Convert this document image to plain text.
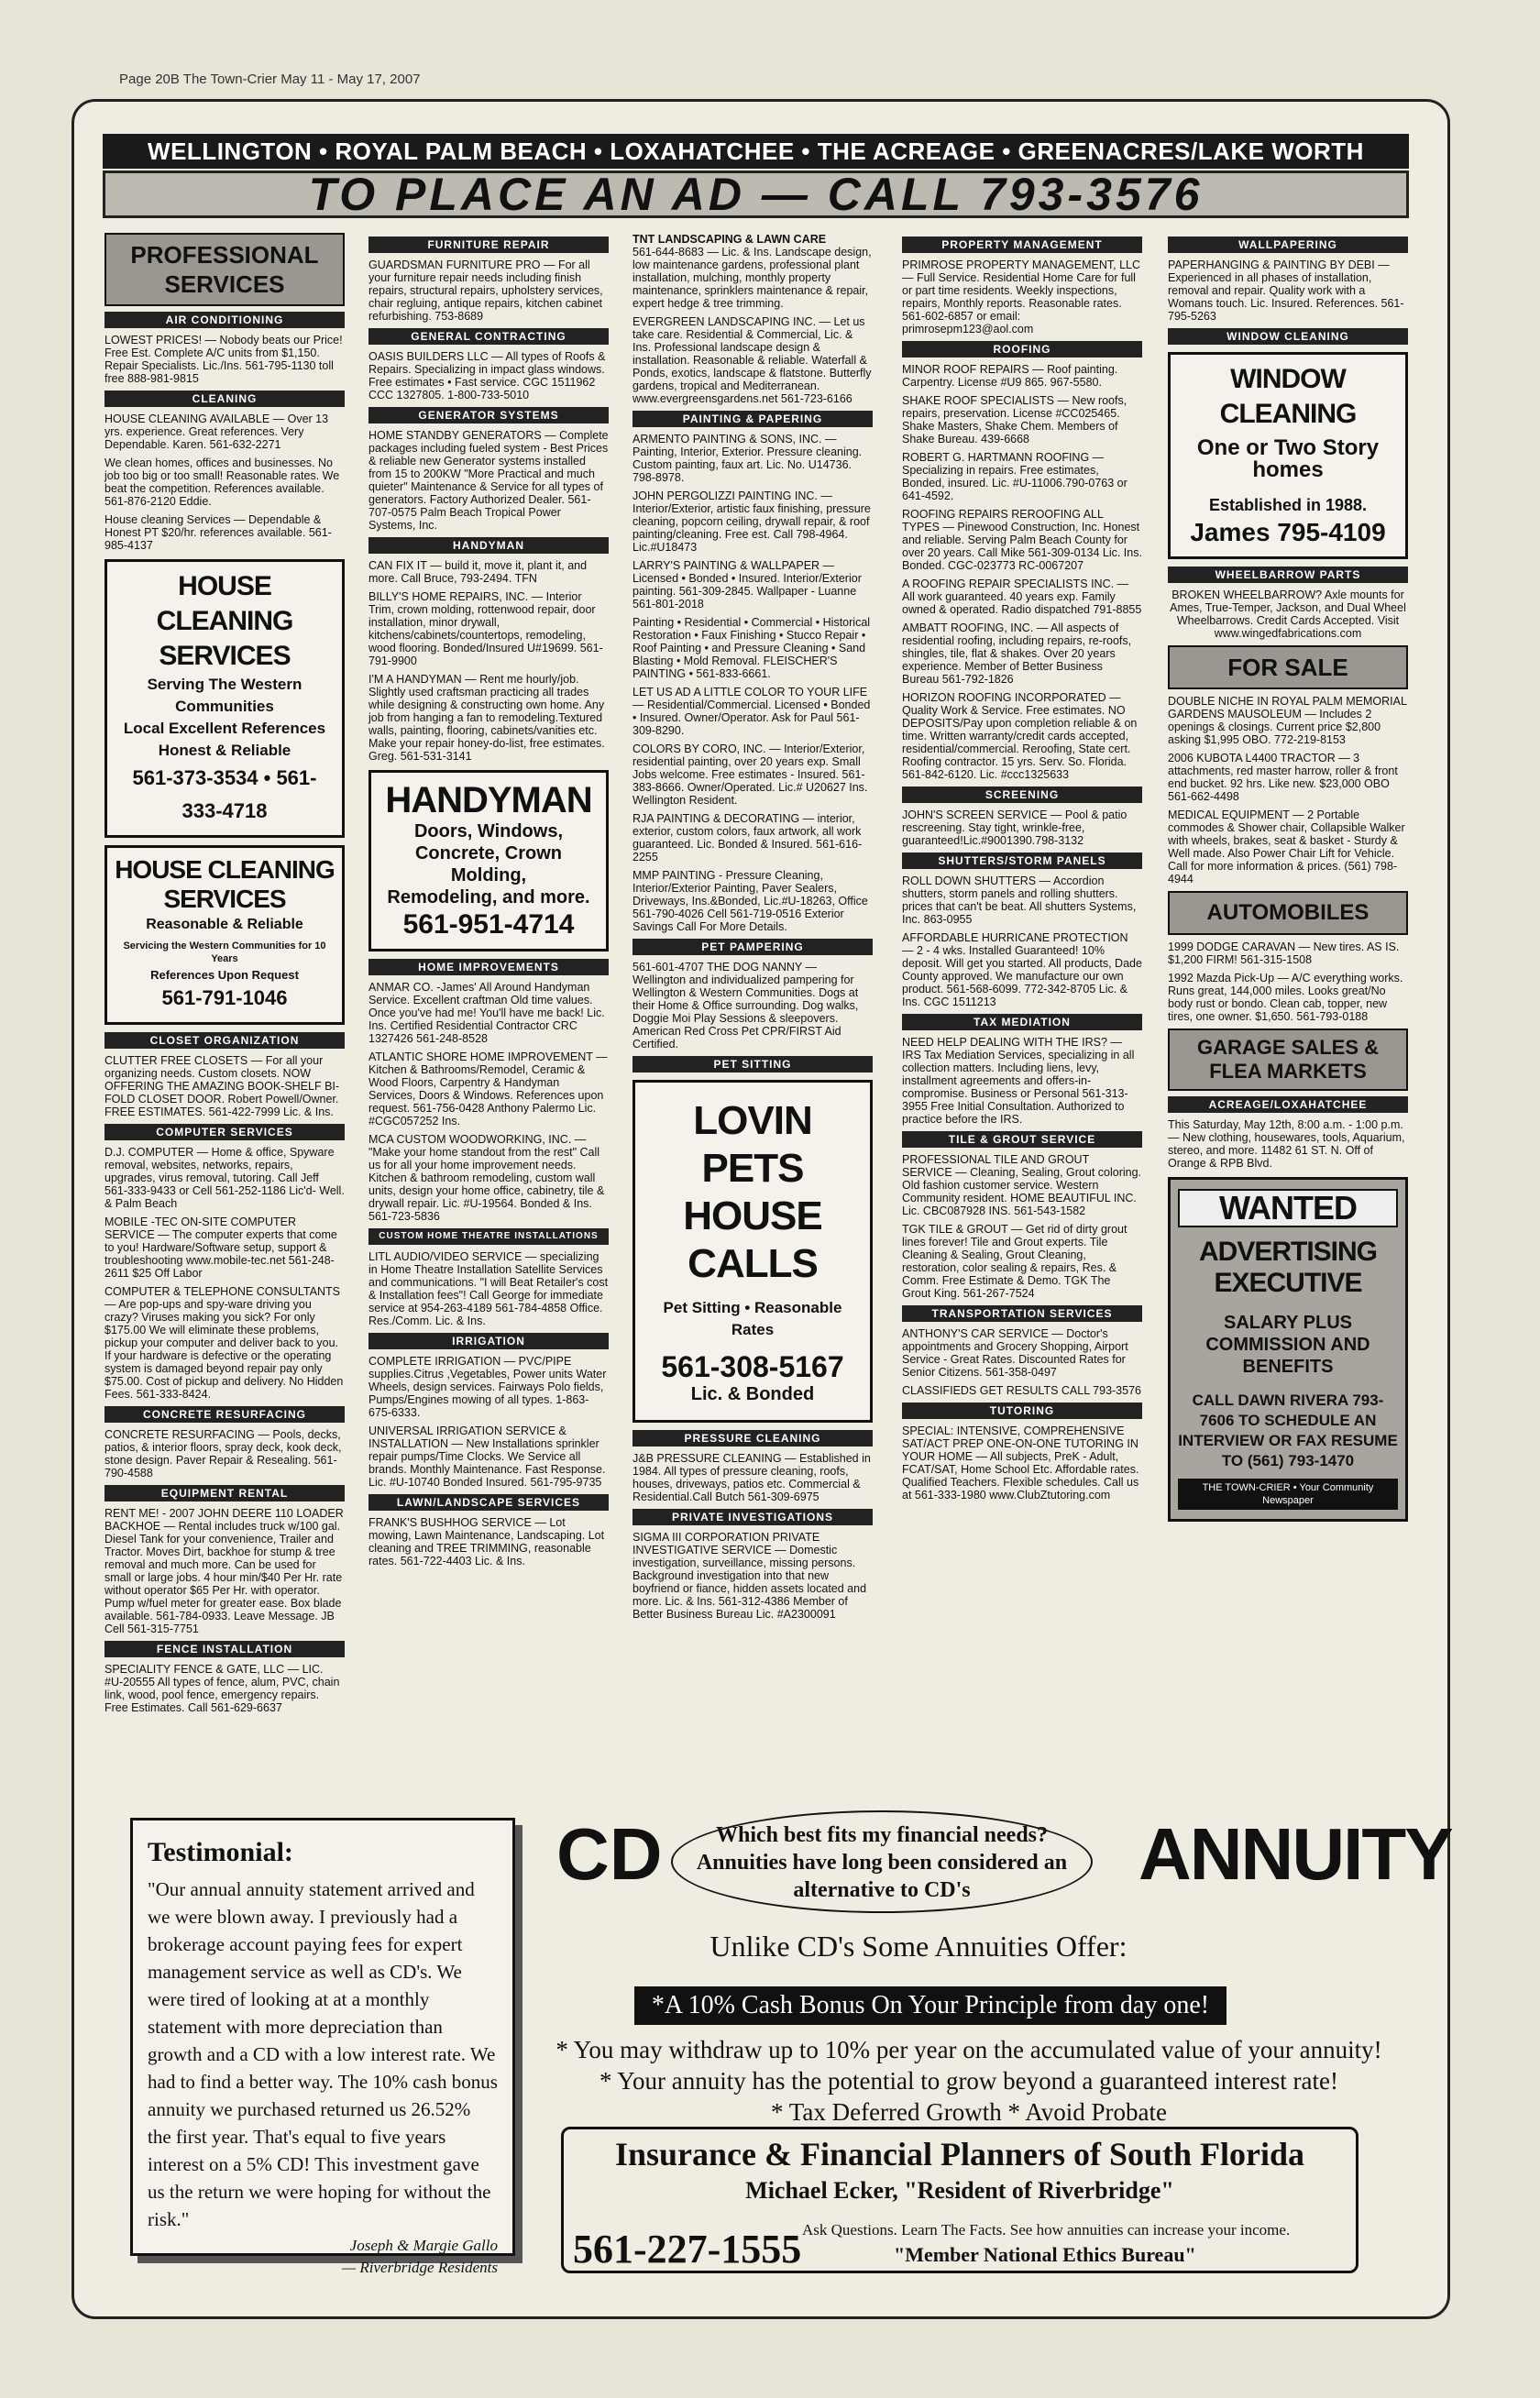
Page 20B The Town-Crier May 11 - May 17, 2007
WELLINGTON • ROYAL PALM BEACH • LOXAHATCHEE • THE ACREAGE • GREENACRES/LAKE WORTH
TO PLACE AN AD — CALL 793-3576
PROFESSIONAL SERVICES
AIR CONDITIONING

LOWEST PRICES! — Nobody beats our Price! Free Est. Complete A/C units from $1,150. Repair Specialists. Lic./Ins. 561-795-1130 toll free 888-981-9815

CLEANING

HOUSE CLEANING AVAILABLE — Over 13 yrs. experience. Great references. Very Dependable. Karen. 561-632-2271

We clean homes, offices and businesses. No job too big or too small! Reasonable rates. We beat the competition. References available. 561-876-2120 Eddie.

House cleaning Services — Dependable & Honest PT $20/hr. references available. 561-985-4137

HOUSE CLEANING SERVICES
Serving The Western Communities
Local Excellent References
Honest & Reliable
561-373-3534 • 561-333-4718
HOUSE CLEANING SERVICES
Reasonable & Reliable
Servicing the Western Communities for 10 Years
References Upon Request
561-791-1046
CLOSET ORGANIZATION

CLUTTER FREE CLOSETS — For all your organizing needs. Custom closets. NOW OFFERING THE AMAZING BOOK-SHELF BI-FOLD CLOSET DOOR. Robert Powell/Owner. FREE ESTIMATES. 561-422-7999 Lic. & Ins.

COMPUTER SERVICES

D.J. COMPUTER — Home & office, Spyware removal, websites, networks, repairs, upgrades, virus removal, tutoring. Call Jeff 561-333-9433 or Cell 561-252-1186 Lic'd- Well. & Palm Beach

MOBILE -TEC ON-SITE COMPUTER SERVICE — The computer experts that come to you! Hardware/Software setup, support & troubleshooting www.mobile-tec.net 561-248-2611 $25 Off Labor

COMPUTER & TELEPHONE CONSULTANTS — Are pop-ups and spy-ware driving you crazy? Viruses making you sick? For only $175.00 We will eliminate these problems, pickup your computer and deliver back to you. If your hardware is defective or the operating system is damaged beyond repair pay only $75.00. Cost of pickup and delivery. No Hidden Fees. 561-333-8424.

CONCRETE RESURFACING

CONCRETE RESURFACING — Pools, decks, patios, & interior floors, spray deck, kook deck, stone design. Paver Repair & Resealing. 561-790-4588

EQUIPMENT RENTAL

RENT ME! - 2007 JOHN DEERE 110 LOADER BACKHOE — Rental includes truck w/100 gal. Diesel Tank for your convenience, Trailer and Tractor. Moves Dirt, backhoe for stump & tree removal and much more. Can be used for small or large jobs. 4 hour min/$40 Per Hr. rate without operator $65 Per Hr. with operator. Pump w/fuel meter for greater ease. Box blade available. 561-784-0933. Leave Message. JB Cell 561-315-7751

FENCE INSTALLATION

SPECIALITY FENCE & GATE, LLC — LIC. #U-20555 All types of fence, alum, PVC, chain link, wood, pool fence, emergency repairs. Free Estimates. Call 561-629-6637

FURNITURE REPAIR

GUARDSMAN FURNITURE PRO — For all your furniture repair needs including finish repairs, structural repairs, upholstery services, chair regluing, antique repairs, kitchen cabinet refurbishing. 753-8689

GENERAL CONTRACTING

OASIS BUILDERS LLC — All types of Roofs & Repairs. Specializing in impact glass windows. Free estimates • Fast service. CGC 1511962 CCC 1327805. 1-800-733-5010

GENERATOR SYSTEMS

HOME STANDBY GENERATORS — Complete packages including fueled system - Best Prices & reliable new Generator systems installed from 15 to 200KW "More Practical and much quieter" Maintenance & Service for all types of generators. Factory Authorized Dealer. 561-707-0575 Palm Beach Tropical Power Systems, Inc.

HANDYMAN

CAN FIX IT — build it, move it, plant it, and more. Call Bruce, 793-2494. TFN

BILLY'S HOME REPAIRS, INC. — Interior Trim, crown molding, rottenwood repair, door installation, minor drywall, kitchens/cabinets/countertops, remodeling, wood flooring. Bonded/Insured U#19699. 561-791-9900

I'M A HANDYMAN — Rent me hourly/job. Slightly used craftsman practicing all trades while designing & constructing own home. Any job from hanging a fan to remodeling.Textured walls, painting, flooring, cabinets/vanities etc. Make your repair honey-do-list, free estimates. Greg. 561-531-3141

HANDYMAN
Doors, Windows,
Concrete, Crown Molding,
Remodeling, and more.
561-951-4714
HOME IMPROVEMENTS

ANMAR CO. -James' All Around Handyman Service. Excellent craftman Old time values. Once you've had me! You'll have me back! Lic. Ins. Certified Residential Contractor CRC 1327426 561-248-8528

ATLANTIC SHORE HOME IMPROVEMENT — Kitchen & Bathrooms/Remodel, Ceramic & Wood Floors, Carpentry & Handyman Services, Doors & Windows. References upon request. 561-756-0428 Anthony Palermo Lic. #CGC057252 Ins.

MCA CUSTOM WOODWORKING, INC. — "Make your home standout from the rest" Call us for all your home improvement needs. Kitchen & bathroom remodeling, custom wall units, design your home office, cabinetry, tile & drywall repair. Lic. #U-19564. Bonded & Ins. 561-723-5836

CUSTOM HOME THEATRE INSTALLATIONS

LITL AUDIO/VIDEO SERVICE — specializing in Home Theatre Installation Satellite Services and communications. "I will Beat Retailer's cost & Installation fees"! Call George for immediate service at 954-263-4189 561-784-4858 Office. Res./Comm. Lic. & Ins.

IRRIGATION

COMPLETE IRRIGATION — PVC/PIPE supplies.Citrus ,Vegetables, Power units Water Wheels, design services. Fairways Polo fields, Pumps/Engines mowing of all types. 1-863-675-6333.

UNIVERSAL IRRIGATION SERVICE & INSTALLATION — New Installations sprinkler repair pumps/Time Clocks. We Service all brands. Monthly Maintenance. Fast Response. Lic. #U-10740 Bonded Insured. 561-795-9735

LAWN/LANDSCAPE SERVICES

FRANK'S BUSHHOG SERVICE — Lot mowing, Lawn Maintenance, Landscaping. Lot cleaning and TREE TRIMMING, reasonable rates. 561-722-4403 Lic. & Ins.

TNT LANDSCAPING & LAWN CARE

561-644-8683 — Lic. & Ins. Landscape design, low maintenance gardens, professional plant installation, mulching, monthly property maintenance, sprinklers maintenance & repair, expert hedge & tree trimming.

EVERGREEN LANDSCAPING INC. — Let us take care. Residential & Commercial, Lic. & Ins. Professional landscape design & installation. Reasonable & reliable. Waterfall & Ponds, exotics, landscape & flatstone. Butterfly gardens, tropical and Mediterranean. www.evergreensgardens.net 561-723-6166

PAINTING & PAPERING

ARMENTO PAINTING & SONS, INC. — Painting, Interior, Exterior. Pressure cleaning. Custom painting, faux art. Lic. No. U14736. 798-8978.

JOHN PERGOLIZZI PAINTING INC. — Interior/Exterior, artistic faux finishing, pressure cleaning, popcorn ceiling, drywall repair, & roof painting/cleaning. Free est. Call 798-4964. Lic.#U18473

LARRY'S PAINTING & WALLPAPER — Licensed • Bonded • Insured. Interior/Exterior painting. 561-309-2845. Wallpaper - Luanne 561-801-2018

Painting • Residential • Commercial • Historical Restoration • Faux Finishing • Stucco Repair • Roof Painting • and Pressure Cleaning • Sand Blasting • Mold Removal. FLEISCHER'S PAINTING • 561-833-6661.

LET US AD A LITTLE COLOR TO YOUR LIFE — Residential/Commercial. Licensed • Bonded • Insured. Owner/Operator. Ask for Paul 561-309-8290.

COLORS BY CORO, INC. — Interior/Exterior, residential painting, over 20 years exp. Small Jobs welcome. Free estimates - Insured. 561-383-8666. Owner/Operated. Lic.# U20627 Ins. Wellington Resident.

RJA PAINTING & DECORATING — interior, exterior, custom colors, faux artwork, all work guaranteed. Lic. Bonded & Insured. 561-616-2255

MMP PAINTING - Pressure Cleaning, Interior/Exterior Painting, Paver Sealers, Driveways, Ins.&Bonded, Lic.#U-18263, Office 561-790-4026 Cell 561-719-0516 Exterior Savings Call For More Details.

PET PAMPERING

561-601-4707 THE DOG NANNY — Wellington and individualized pampering for Wellington & Western Communities. Dogs at their Home & Office surrounding. Dog walks, Doggie Moi Play Sessions & sleepovers. American Red Cross Pet CPR/FIRST Aid Certified.

PET SITTING
LOVIN PETS
HOUSE CALLS
Pet Sitting • Reasonable Rates
561-308-5167
Lic. & Bonded
PRESSURE CLEANING

J&B PRESSURE CLEANING — Established in 1984. All types of pressure cleaning, roofs, houses, driveways, patios etc. Commercial & Residential.Call Butch 561-309-6975

PRIVATE INVESTIGATIONS

SIGMA III CORPORATION PRIVATE INVESTIGATIVE SERVICE — Domestic investigation, surveillance, missing persons. Background investigation into that new boyfriend or fiance, hidden assets located and more. Lic. & Ins. 561-312-4386 Member of Better Business Bureau Lic. #A2300091

PROPERTY MANAGEMENT

PRIMROSE PROPERTY MANAGEMENT, LLC — Full Service. Residential Home Care for full or part time residents. Weekly inspections, repairs, Monthly reports. Reasonable rates. 561-602-6857 or email: primrosepm123@aol.com

ROOFING

MINOR ROOF REPAIRS — Roof painting. Carpentry. License #U9 865. 967-5580.

SHAKE ROOF SPECIALISTS — New roofs, repairs, preservation. License #CC025465. Shake Masters, Shake Chem. Members of Shake Bureau. 439-6668

ROBERT G. HARTMANN ROOFING — Specializing in repairs. Free estimates, Bonded, insured. Lic. #U-11006.790-0763 or 641-4592.

ROOFING REPAIRS REROOFING ALL TYPES — Pinewood Construction, Inc. Honest and reliable. Serving Palm Beach County for over 20 years. Call Mike 561-309-0134 Lic. Ins. Bonded. CGC-023773 RC-0067207

A ROOFING REPAIR SPECIALISTS INC. — All work guaranteed. 40 years exp. Family owned & operated. Radio dispatched 791-8855

AMBATT ROOFING, INC. — All aspects of residential roofing, including repairs, re-roofs, shingles, tile, flat & shakes. Over 20 years experience. Member of Better Business Bureau 561-792-1826

HORIZON ROOFING INCORPORATED — Quality Work & Service. Free estimates. NO DEPOSITS/Pay upon completion reliable & on time. Written warranty/credit cards accepted, residential/commercial. Reroofing, State cert. Roofing contractor. 15 yrs. Serv. So. Florida. 561-842-6120. Lic. #ccc1325633

SCREENING

JOHN'S SCREEN SERVICE — Pool & patio rescreening. Stay tight, wrinkle-free, guaranteed!Lic.#9001390.798-3132

SHUTTERS/STORM PANELS

ROLL DOWN SHUTTERS — Accordion shutters, storm panels and rolling shutters. prices that can't be beat. All shutters Systems, Inc. 863-0955

AFFORDABLE HURRICANE PROTECTION — 2 - 4 wks. Installed Guaranteed! 10% deposit. Will get you started. All products, Dade County approved. We manufacture our own product. 561-568-6099. 772-342-8705 Lic. & Ins. CGC 1511213

TAX MEDIATION

NEED HELP DEALING WITH THE IRS? — IRS Tax Mediation Services, specializing in all collection matters. Including liens, levy, installment agreements and offers-in-compromise. Business or Personal 561-313-3955 Free Initial Consultation. Authorized to practice before the IRS.

TILE & GROUT SERVICE

PROFESSIONAL TILE AND GROUT SERVICE — Cleaning, Sealing, Grout coloring. Old fashion customer service. Western Community resident. HOME BEAUTIFUL INC. Lic. CBC087928 INS. 561-543-1582

TGK TILE & GROUT — Get rid of dirty grout lines forever! Tile and Grout experts. Tile Cleaning & Sealing, Grout Cleaning, restoration, color sealing & repairs, Res. & Comm. Free Estimate & Demo. TGK The Grout King. 561-267-7524

TRANSPORTATION SERVICES

ANTHONY'S CAR SERVICE — Doctor's appointments and Grocery Shopping, Airport Service - Great Rates. Discounted Rates for Senior Citizens. 561-358-0497

CLASSIFIEDS GET RESULTS CALL 793-3576

TUTORING

SPECIAL: INTENSIVE, COMPREHENSIVE SAT/ACT PREP ONE-ON-ONE TUTORING IN YOUR HOME — All subjects, PreK - Adult, FCAT/SAT, Home School Etc. Affordable rates. Qualified Teachers. Flexible schedules. Call us at 561-333-1980 www.ClubZtutoring.com

WALLPAPERING

PAPERHANGING & PAINTING BY DEBI — Experienced in all phases of installation, removal and repair. Quality work with a Womans touch. Lic. Insured. References. 561-795-5263

WINDOW CLEANING
WINDOW CLEANING
One or Two Story homes
Established in 1988.
James 795-4109
WHEELBARROW PARTS

BROKEN WHEELBARROW? Axle mounts for Ames, True-Temper, Jackson, and Dual Wheel Wheelbarrows. Credit Cards Accepted. Visit www.wingedfabrications.com

FOR SALE

DOUBLE NICHE IN ROYAL PALM MEMORIAL GARDENS MAUSOLEUM — Includes 2 openings & closings. Current price $2,800 asking $1,995 OBO. 772-219-8153

2006 KUBOTA L4400 TRACTOR — 3 attachments, red master harrow, roller & front end bucket. 92 hrs. Like new. $23,000 OBO 561-662-4498

MEDICAL EQUIPMENT — 2 Portable commodes & Shower chair, Collapsible Walker with wheels, brakes, seat & basket - Sturdy & Well made. Also Power Chair Lift for Vehicle. Call for more information & prices. (561) 798-4944

AUTOMOBILES

1999 DODGE CARAVAN — New tires. AS IS. $1,200 FIRM! 561-315-1508

1992 Mazda Pick-Up — A/C everything works. Runs great, 144,000 miles. Looks great/No body rust or bondo. Clean cab, topper, new tires, one owner. $1,650. 561-793-0188

GARAGE SALES & FLEA MARKETS
ACREAGE/LOXAHATCHEE

This Saturday, May 12th, 8:00 a.m. - 1:00 p.m. — New clothing, housewares, tools, Aquarium, stereo, and more. 11482 61 ST. N. Off of Orange & RPB Blvd.

WANTED
ADVERTISING EXECUTIVE
SALARY PLUS COMMISSION AND BENEFITS
CALL DAWN RIVERA 793-7606 TO SCHEDULE AN INTERVIEW OR FAX RESUME TO (561) 793-1470
THE TOWN-CRIER • Your Community Newspaper
Testimonial:
"Our annual annuity statement arrived and we were blown away. I previously had a brokerage account paying fees for expert management service as well as CD's. We were tired of looking at at a monthly statement with more depreciation than growth and a CD with a low interest rate. We had to find a better way. The 10% cash bonus annuity we purchased returned us 26.52% the first year. That's equal to five years interest on a 5% CD! This investment gave us the return we were hoping for without the risk."
Joseph & Margie Gallo
— Riverbridge Residents
CD	Which best fits my financial needs? Annuities have long been considered an alternative to CD's	ANNUITY
Unlike CD's Some Annuities Offer:
*A 10% Cash Bonus On Your Principle from day one!
* You may withdraw up to 10% per year on the accumulated value of your annuity!
* Your annuity has the potential to grow beyond a guaranteed interest rate!
* Tax Deferred Growth * Avoid Probate
Insurance & Financial Planners of South Florida
Michael Ecker, "Resident of Riverbridge"
561-227-1555 Ask Questions. Learn The Facts. See how annuities can increase your income.
"Member National Ethics Bureau"
